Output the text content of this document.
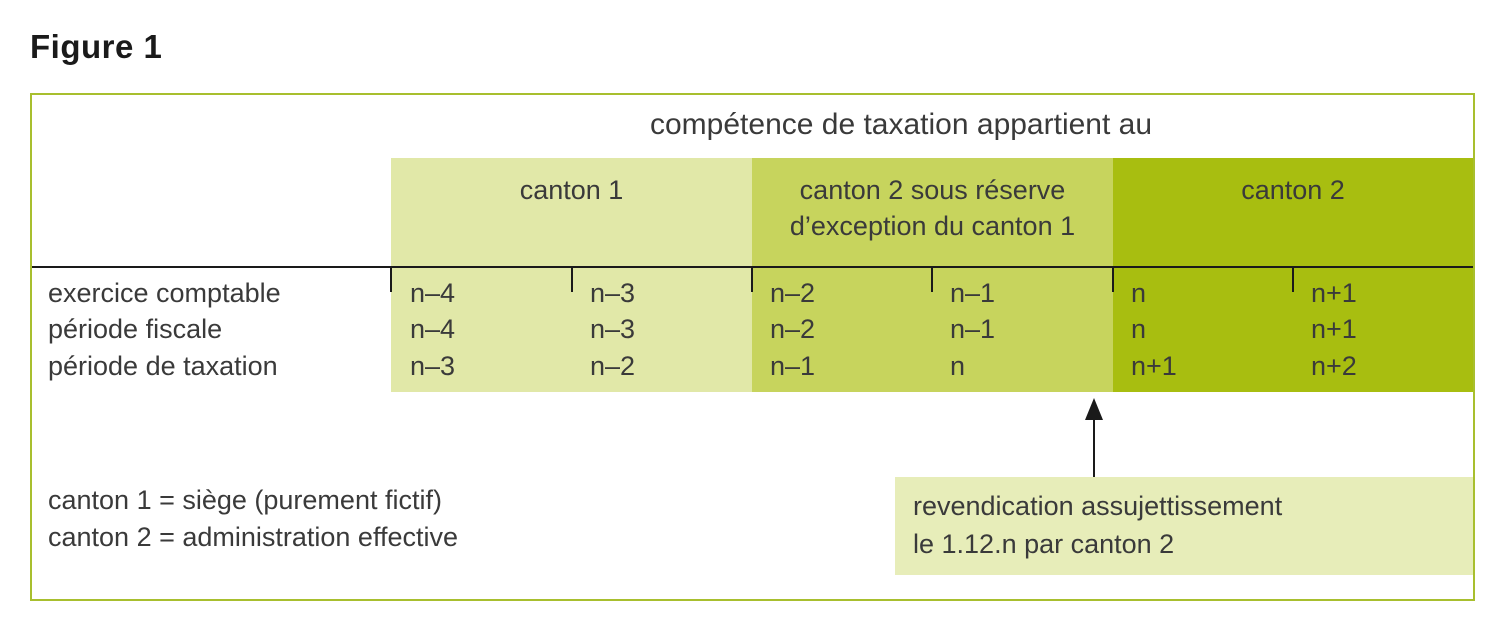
Figure 1
compétence de taxation appartient au
canton 1	canton 2 sous réserve
d’exception du canton 1
canton 2
exercice comptable
période fiscale
période de taxation
n–4
n–4
n–3
n–3
n–3
n–2
n–2
n–2
n–1
n–1
n–1
n
n
n
n+1
n+1
n+1
n+2
revendication assujettissement
le 1.12.n par canton 2
canton 1 = siège (purement fictif)
canton 2 = administration effective
